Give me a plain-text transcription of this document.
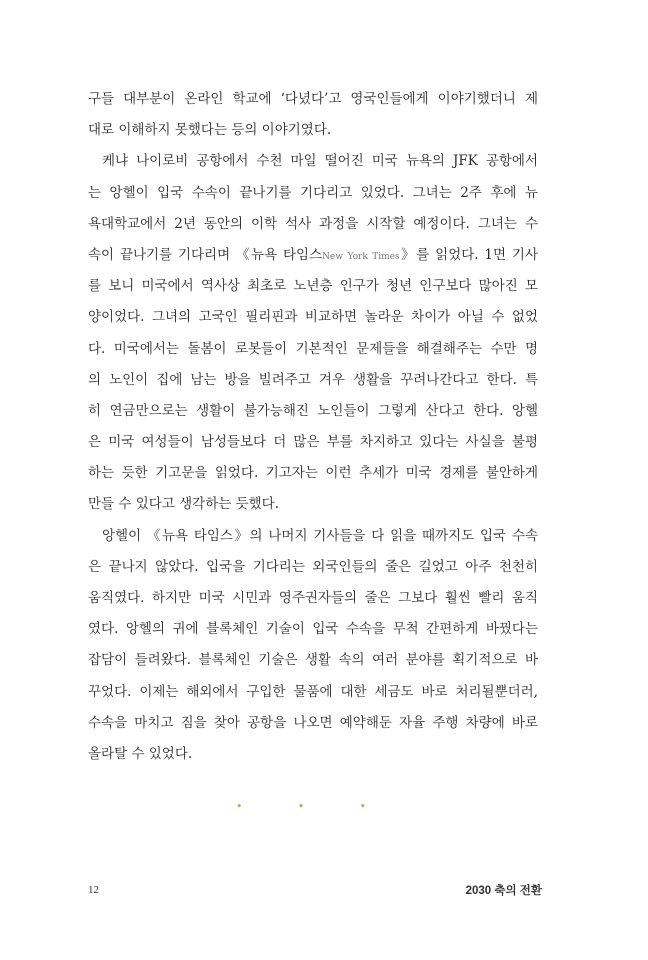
구들 대부분이 온라인 학교에 ‘다녔다’고 영국인들에게 이야기했더니 제
대로 이해하지 못했다는 등의 이야기였다.
케냐 나이로비 공항에서 수천 마일 떨어진 미국 뉴욕의 JFK 공항에서
는 앙헬이 입국 수속이 끝나기를 기다리고 있었다. 그녀는 2주 후에 뉴
욕대학교에서 2년 동안의 이학 석사 과정을 시작할 예정이다. 그녀는 수
속이 끝나기를 기다리며 《뉴욕 타임스New York Times》를 읽었다. 1면 기사
를 보니 미국에서 역사상 최초로 노년층 인구가 청년 인구보다 많아진 모
양이었다. 그녀의 고국인 필리핀과 비교하면 놀라운 차이가 아닐 수 없었
다. 미국에서는 돌봄이 로봇들이 기본적인 문제들을 해결해주는 수만 명
의 노인이 집에 남는 방을 빌려주고 겨우 생활을 꾸려나간다고 한다. 특
히 연금만으로는 생활이 불가능해진 노인들이 그렇게 산다고 한다. 앙헬
은 미국 여성들이 남성들보다 더 많은 부를 차지하고 있다는 사실을 불평
하는 듯한 기고문을 읽었다. 기고자는 이런 추세가 미국 경제를 불안하게
만들 수 있다고 생각하는 듯했다.
앙헬이 《뉴욕 타임스》의 나머지 기사들을 다 읽을 때까지도 입국 수속
은 끝나지 않았다. 입국을 기다리는 외국인들의 줄은 길었고 아주 천천히
움직였다. 하지만 미국 시민과 영주권자들의 줄은 그보다 훨씬 빨리 움직
였다. 앙헬의 귀에 블록체인 기술이 입국 수속을 무척 간편하게 바꿨다는
잡담이 들려왔다. 블록체인 기술은 생활 속의 여러 분야를 획기적으로 바
꾸었다. 이제는 해외에서 구입한 물품에 대한 세금도 바로 처리될뿐더러,
수속을 마치고 짐을 찾아 공항을 나오면 예약해둔 자율 주행 차량에 바로
올라탈 수 있었다.
•	•	•
12	2030 축의 전환
